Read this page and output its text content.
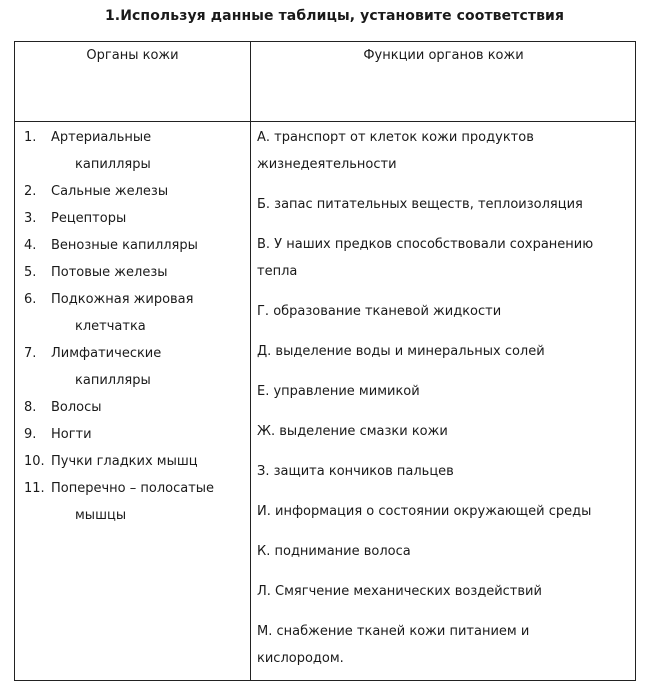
1.Используя данные таблицы, установите соответствия
Органы кожи	Функции органов кожи
1. Артериальные
капилляры
2. Сальные железы
3. Рецепторы
4. Венозные капилляры
5. Потовые железы
6. Подкожная жировая
клетчатка
7. Лимфатические
капилляры
8. Волосы
9. Ногти
10. Пучки гладких мышц
11. Поперечно – полосатые
мышцы
А. транспорт от клеток кожи продуктов
жизнедеятельности
Б. запас питательных веществ, теплоизоляция
В. У наших предков способствовали сохранению
тепла
Г. образование тканевой жидкости
Д. выделение воды и минеральных солей
Е. управление мимикой
Ж. выделение смазки кожи
З. защита кончиков пальцев
И. информация о состоянии окружающей среды
К. поднимание волоса
Л. Смягчение механических воздействий
М. снабжение тканей кожи питанием и
кислородом.
